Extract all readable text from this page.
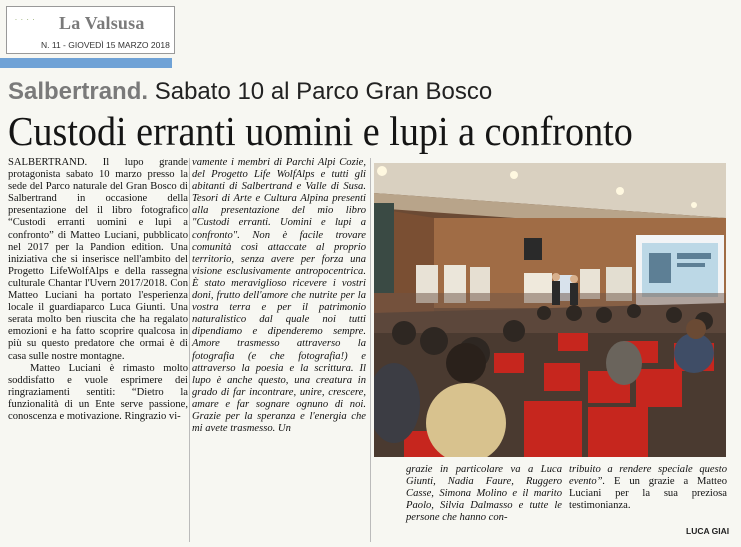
. . . . La Valsusa
N. 11 - GIOVEDÌ 15 MARZO 2018
Salbertrand. Sabato 10 al Parco Gran Bosco
Custodi erranti uomini e lupi a confronto

SALBERTRAND. Il lupo grande protagonista sabato 10 marzo presso la sede del Parco naturale del Gran Bosco di Salbertrand in occasione della presentazione del il libro fotografico “Custodi erranti uomini e lupi a confronto” di Matteo Luciani, pubblicato nel 2017 per la Pandion edition. Una iniziativa che si inserisce nell'ambito del Progetto LifeWolfAlps e della rassegna culturale Chantar l'Uvern 2017/2018. Con Matteo Luciani ha portato l'esperienza locale il guardiaparco Luca Giunti. Una serata molto ben riuscita che ha regalato emozioni e ha fatto scoprire qualcosa in più su questo predatore che ormai è di casa sulle nostre montagne.

Matteo Luciani è rimasto molto soddisfatto e vuole esprimere dei ringraziamenti sentiti: “Dietro la funzionalità di un Ente serve passione, conoscenza e motivazione. Ringrazio vi-

vamente i membri di Parchi Alpi Cozie, del Progetto Life WolfAlps e tutti gli abitanti di Salbertrand e Valle di Susa. Tesori di Arte e Cultura Alpina presenti alla presentazione del mio libro "Custodi erranti. Uomini e lupi a confronto". Non è facile trovare comunità così attaccate al proprio territorio, senza avere per forza una visione esclusivamente antropocentrica. È stato meraviglioso ricevere i vostri doni, frutto dell'amore che nutrite per la vostra terra e per il patrimonio naturalistico dal quale noi tutti dipendiamo e dipenderemo sempre. Amore trasmesso attraverso la fotografia (e che fotografia!) e attraverso la poesia e la scrittura. Il lupo è anche questo, una creatura in grado di far incontrare, unire, crescere, amare e far sognare ognuno di noi. Grazie per la speranza e l'energia che mi avete trasmesso. Un

grazie in particolare va a Luca Giunti, Nadia Faure, Ruggero Casse, Simona Molino e il marito Paolo, Silvia Dalmasso e tutte le persone che hanno con-

tribuito a rendere speciale questo evento”. E un grazie a Matteo Luciani per la sua preziosa testimonianza.

LUCA GIAI
